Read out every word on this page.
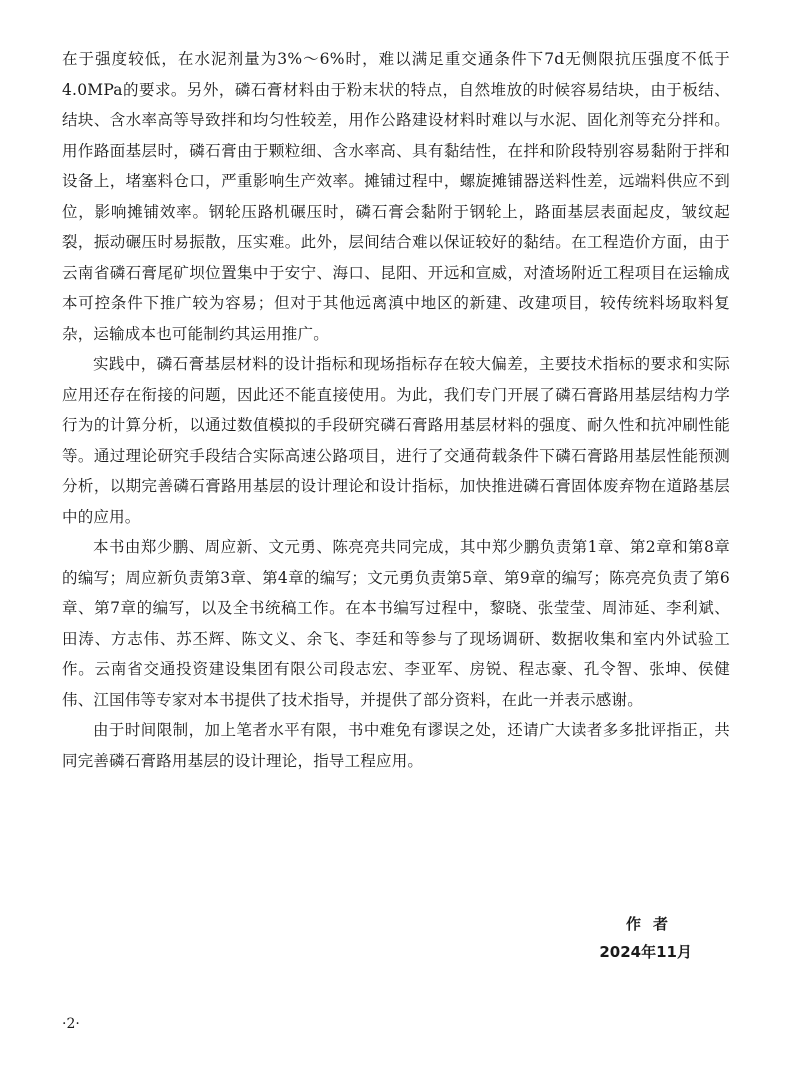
在于强度较低，在水泥剂量为3%～6%时，难以满足重交通条件下7d无侧限抗压强度不低于4.0MPa的要求。另外，磷石膏材料由于粉末状的特点，自然堆放的时候容易结块，由于板结、结块、含水率高等导致拌和均匀性较差，用作公路建设材料时难以与水泥、固化剂等充分拌和。用作路面基层时，磷石膏由于颗粒细、含水率高、具有黏结性，在拌和阶段特别容易黏附于拌和设备上，堵塞料仓口，严重影响生产效率。摊铺过程中，螺旋摊铺器送料性差，远端料供应不到位，影响摊铺效率。钢轮压路机碾压时，磷石膏会黏附于钢轮上，路面基层表面起皮，皱纹起裂，振动碾压时易振散，压实难。此外，层间结合难以保证较好的黏结。在工程造价方面，由于云南省磷石膏尾矿坝位置集中于安宁、海口、昆阳、开远和宣威，对渣场附近工程项目在运输成本可控条件下推广较为容易；但对于其他远离滇中地区的新建、改建项目，较传统料场取料复杂，运输成本也可能制约其运用推广。

实践中，磷石膏基层材料的设计指标和现场指标存在较大偏差，主要技术指标的要求和实际应用还存在衔接的问题，因此还不能直接使用。为此，我们专门开展了磷石膏路用基层结构力学行为的计算分析，以通过数值模拟的手段研究磷石膏路用基层材料的强度、耐久性和抗冲刷性能等。通过理论研究手段结合实际高速公路项目，进行了交通荷载条件下磷石膏路用基层性能预测分析，以期完善磷石膏路用基层的设计理论和设计指标，加快推进磷石膏固体废弃物在道路基层中的应用。

本书由郑少鹏、周应新、文元勇、陈亮亮共同完成，其中郑少鹏负责第1章、第2章和第8章的编写；周应新负责第3章、第4章的编写；文元勇负责第5章、第9章的编写；陈亮亮负责了第6章、第7章的编写，以及全书统稿工作。在本书编写过程中，黎晓、张莹莹、周沛延、李利斌、田涛、方志伟、苏丕辉、陈文义、余飞、李廷和等参与了现场调研、数据收集和室内外试验工作。云南省交通投资建设集团有限公司段志宏、李亚军、房锐、程志豪、孔令智、张坤、侯健伟、江国伟等专家对本书提供了技术指导，并提供了部分资料，在此一并表示感谢。

由于时间限制，加上笔者水平有限，书中难免有谬误之处，还请广大读者多多批评指正，共同完善磷石膏路用基层的设计理论，指导工程应用。

作者
2024年11月
·2·
